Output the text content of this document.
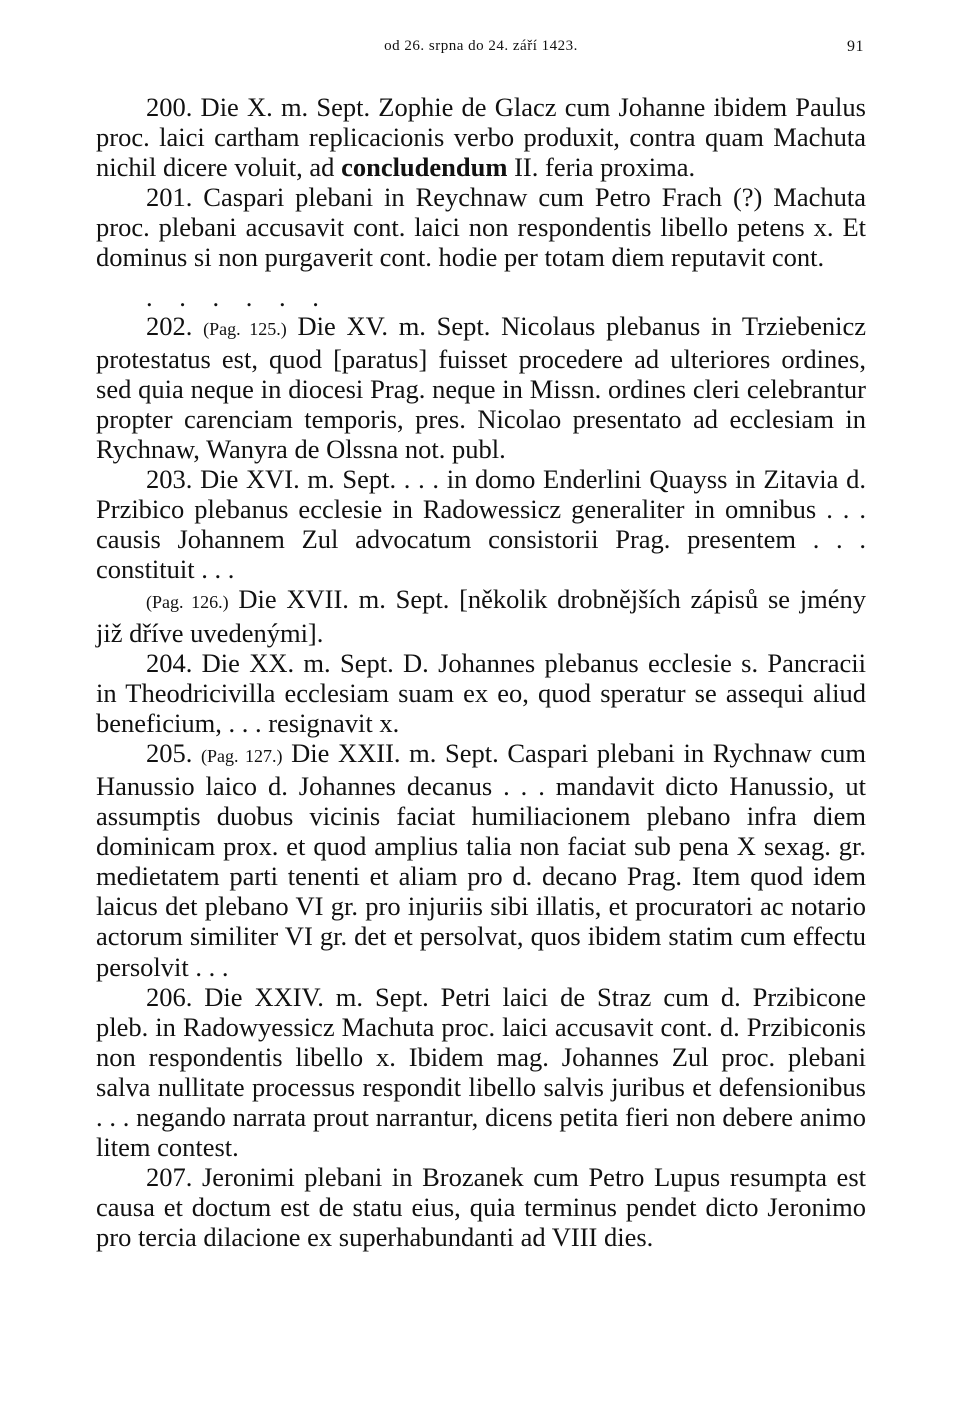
od 26. srpna do 24. září 1423.	91

200. Die X. m. Sept. Zophie de Glacz cum Johanne ibidem Paulus proc. laici cartham replicacionis verbo produxit, contra quam Machuta nichil dicere voluit, ad concludendum II. feria proxima.

201. Caspari plebani in Reychnaw cum Petro Frach (?) Machuta proc. plebani accusavit cont. laici non respondentis libello petens x. Et dominus si non purgaverit cont. hodie per totam diem reputavit cont.

. . . . . .

202. (Pag. 125.) Die XV. m. Sept. Nicolaus plebanus in Trziebenicz protestatus est, quod [paratus] fuisset procedere ad ulteriores ordines, sed quia neque in diocesi Prag. neque in Missn. ordines cleri celebrantur propter carenciam temporis, pres. Nicolao presentato ad ecclesiam in Rychnaw, Wanyra de Olssna not. publ.

203. Die XVI. m. Sept. . . . in domo Enderlini Quayss in Zitavia d. Przibico plebanus ecclesie in Radowessicz generaliter in omnibus . . . causis Johannem Zul advocatum consistorii Prag. presentem . . . constituit . . .

(Pag. 126.) Die XVII. m. Sept. [několik drobnějších zápisů se jmény již dříve uvedenými].

204. Die XX. m. Sept. D. Johannes plebanus ecclesie s. Pancracii in Theodricivilla ecclesiam suam ex eo, quod speratur se assequi aliud beneficium, . . . resignavit x.

205. (Pag. 127.) Die XXII. m. Sept. Caspari plebani in Rychnaw cum Hanussio laico d. Johannes decanus . . . mandavit dicto Hanussio, ut assumptis duobus vicinis faciat humiliacionem plebano infra diem dominicam prox. et quod amplius talia non faciat sub pena X sexag. gr. medietatem parti tenenti et aliam pro d. decano Prag. Item quod idem laicus det plebano VI gr. pro injuriis sibi illatis, et procuratori ac notario actorum similiter VI gr. det et persolvat, quos ibidem statim cum effectu persolvit . . .

206. Die XXIV. m. Sept. Petri laici de Straz cum d. Przibicone pleb. in Radowyessicz Machuta proc. laici accusavit cont. d. Przibiconis non respondentis libello x. Ibidem mag. Johannes Zul proc. plebani salva nullitate processus respondit libello salvis juribus et defensionibus . . . negando narrata prout narrantur, dicens petita fieri non debere animo litem contest.

207. Jeronimi plebani in Brozanek cum Petro Lupus resumpta est causa et doctum est de statu eius, quia terminus pendet dicto Jeronimo pro tercia dilacione ex superhabundanti ad VIII dies.
